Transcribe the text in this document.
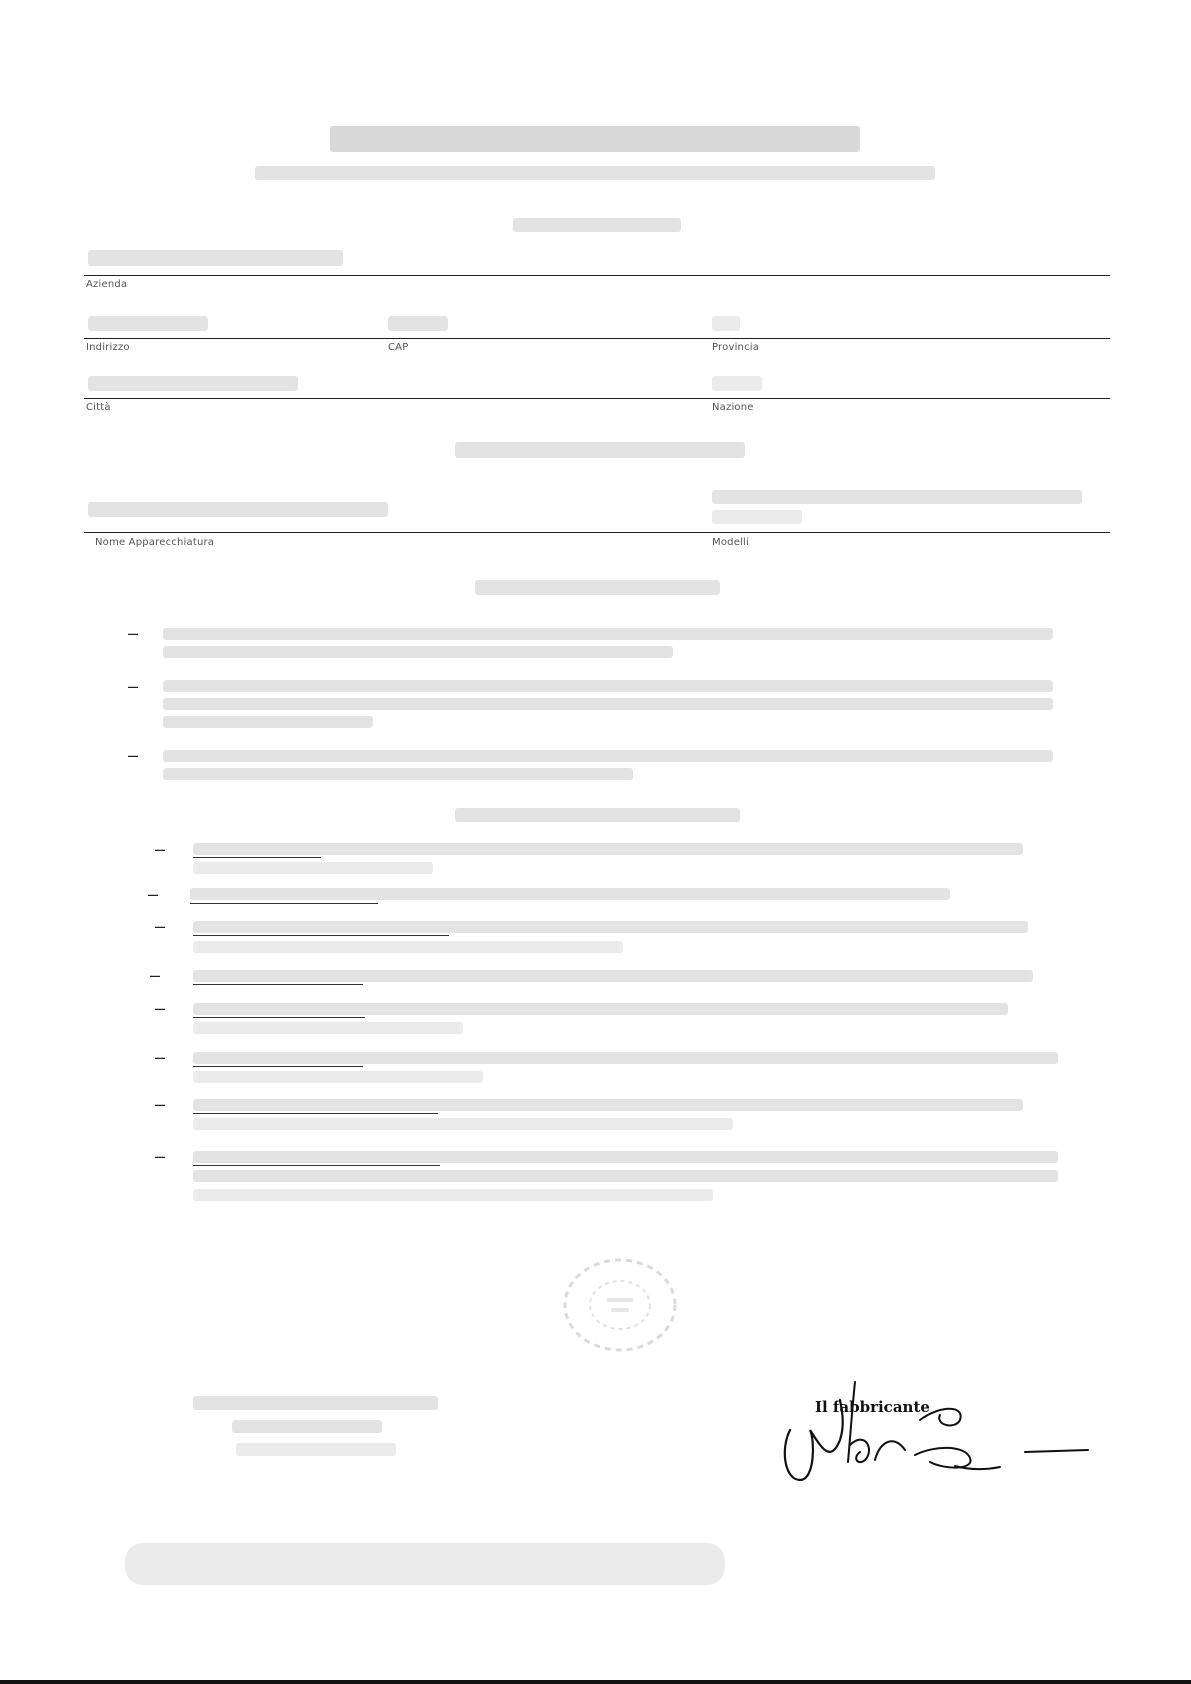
Azienda
Indirizzo	CAP	Provincia
Città	Nazione
Nome Apparecchiatura	Modelli
–
–
–
–
–
–
–
–
–
–
–
Il fabbricante
